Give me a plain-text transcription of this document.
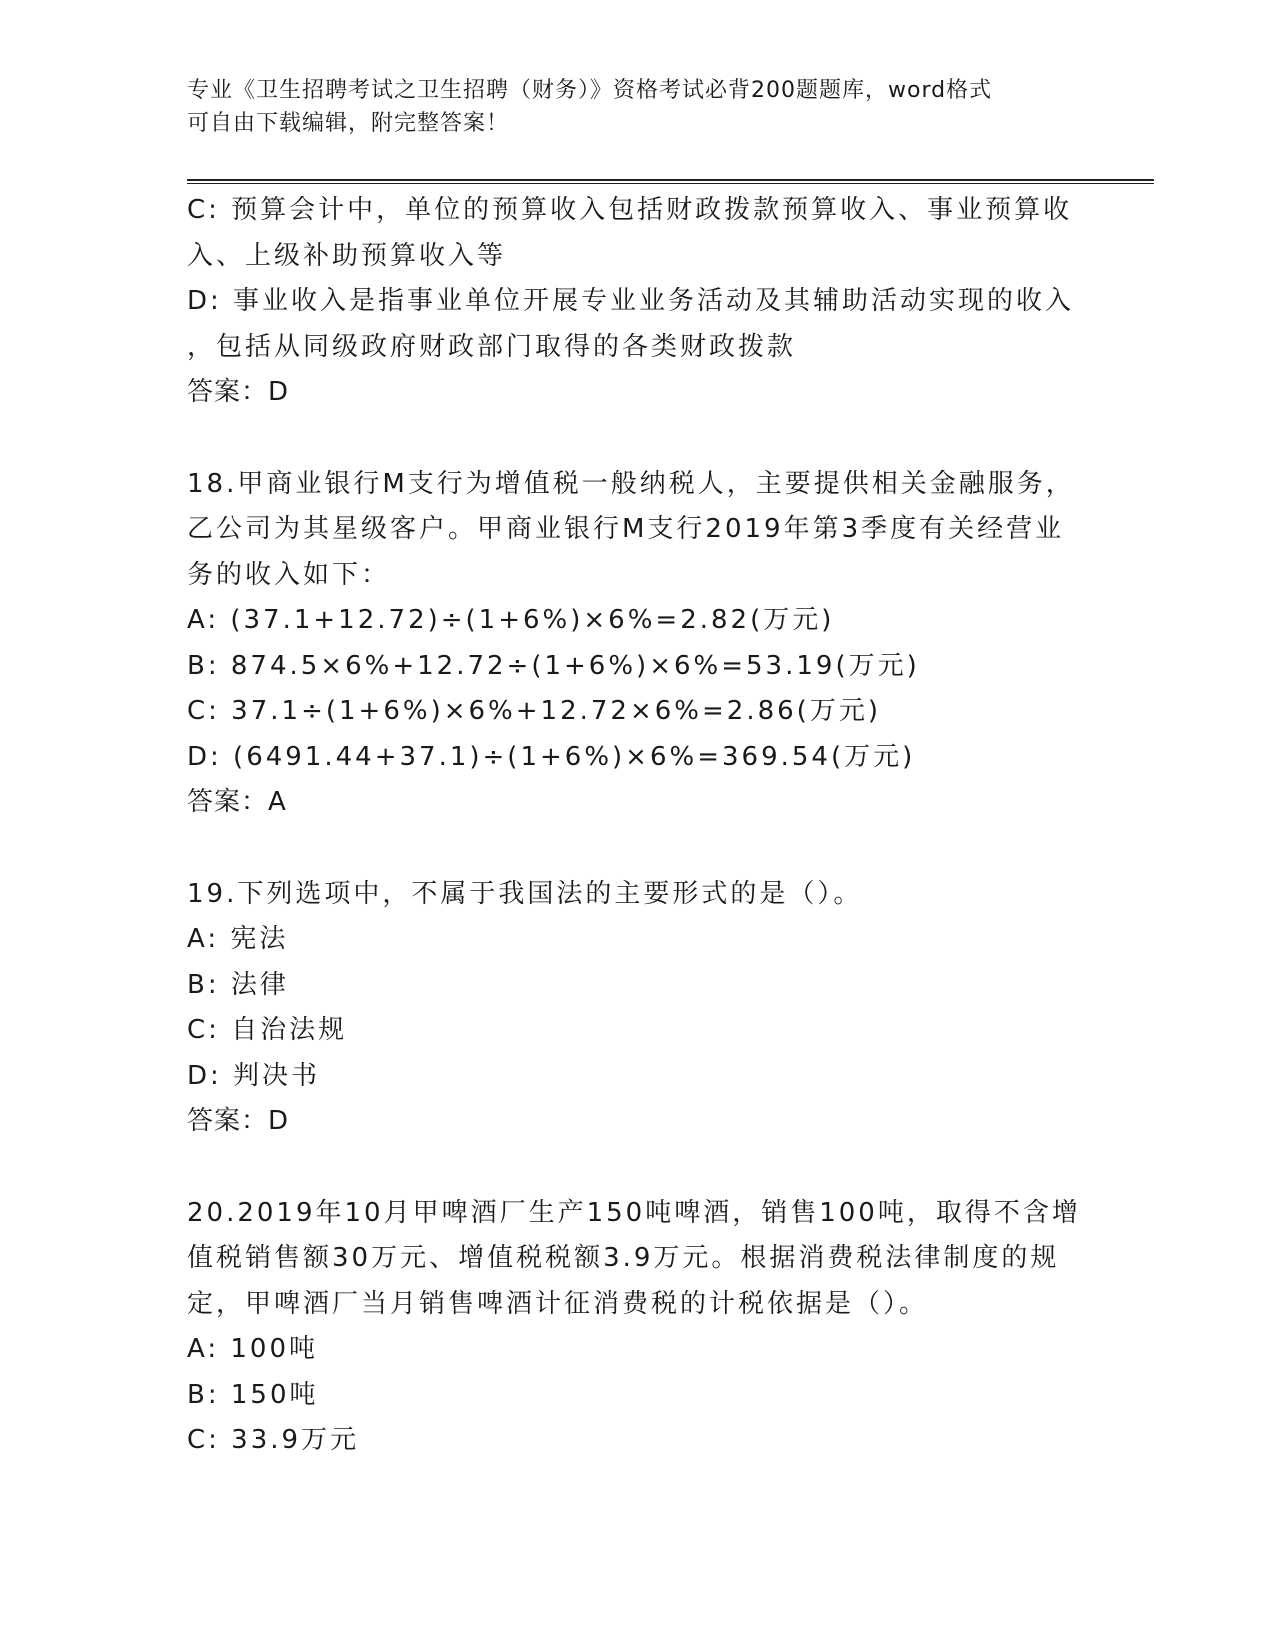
专业《卫生招聘考试之卫生招聘（财务）》资格考试必背200题题库，word格式
可自由下载编辑，附完整答案！
C: 预算会计中，单位的预算收入包括财政拨款预算收入、事业预算收
入、上级补助预算收入等
D: 事业收入是指事业单位开展专业业务活动及其辅助活动实现的收入
，包括从同级政府财政部门取得的各类财政拨款
答案：D
18.甲商业银行M支行为增值税一般纳税人，主要提供相关金融服务，
乙公司为其星级客户。甲商业银行M支行2019年第3季度有关经营业
务的收入如下：
A: (37.1+12.72)÷(1+6%)×6%=2.82(万元)
B: 874.5×6%+12.72÷(1+6%)×6%=53.19(万元)
C: 37.1÷(1+6%)×6%+12.72×6%=2.86(万元)
D: (6491.44+37.1)÷(1+6%)×6%=369.54(万元)
答案：A
19.下列选项中，不属于我国法的主要形式的是（）。
A: 宪法
B: 法律
C: 自治法规
D: 判决书
答案：D
20.2019年10月甲啤酒厂生产150吨啤酒，销售100吨，取得不含增
值税销售额30万元、增值税税额3.9万元。根据消费税法律制度的规
定，甲啤酒厂当月销售啤酒计征消费税的计税依据是（）。
A: 100吨
B: 150吨
C: 33.9万元
